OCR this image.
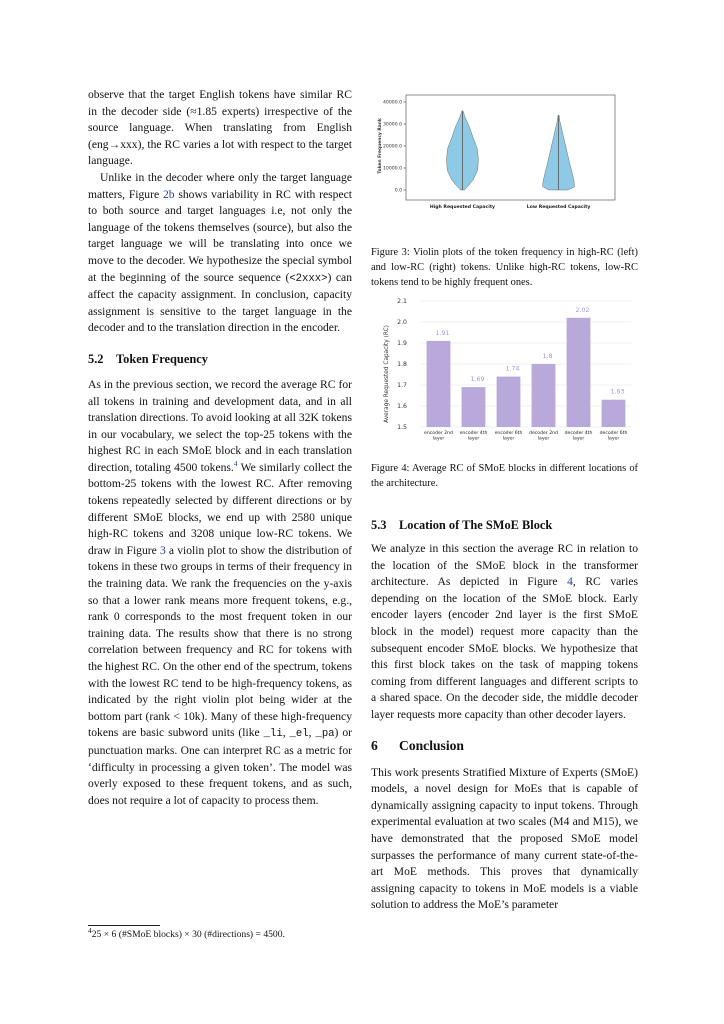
observe that the target English tokens have similar RC in the decoder side (≈1.85 experts) irrespective of the source language. When translating from English (eng→xxx), the RC varies a lot with respect to the target language.

Unlike in the decoder where only the target language matters, Figure 2b shows variability in RC with respect to both source and target languages i.e, not only the language of the tokens themselves (source), but also the target language we will be translating into once we move to the decoder. We hypothesize the special symbol at the beginning of the source sequence (<2xxx>) can affect the capacity assignment. In conclusion, capacity assignment is sensitive to the target language in the decoder and to the translation direction in the encoder.

5.2 Token Frequency

As in the previous section, we record the average RC for all tokens in training and development data, and in all translation directions. To avoid looking at all 32K tokens in our vocabulary, we select the top-25 tokens with the highest RC in each SMoE block and in each translation direction, totaling 4500 tokens.$^4$ We similarly collect the bottom-25 tokens with the lowest RC. After removing tokens repeatedly selected by different directions or by different SMoE blocks, we end up with 2580 unique high-RC tokens and 3208 unique low-RC tokens. We draw in Figure 3 a violin plot to show the distribution of tokens in these two groups in terms of their frequency in the training data. We rank the frequencies on the y-axis so that a lower rank means more frequent tokens, e.g., rank 0 corresponds to the most frequent token in our training data. The results show that there is no strong correlation between frequency and RC for tokens with the highest RC. On the other end of the spectrum, tokens with the lowest RC tend to be high-frequency tokens, as indicated by the right violin plot being wider at the bottom part (rank < 10k). Many of these high-frequency tokens are basic subword units (like _li, _el, _pa) or punctuation marks. One can interpret RC as a metric for ‘difficulty in processing a given token’. The model was overly exposed to these frequent tokens, and as such, does not require a lot of capacity to process them.

$^4$25 × 6 (#SMoE blocks) × 30 (#directions) = 4500.
0.0
10000.0
20000.0
30000.0
40000.0
Token Frequency Rank
High Requested Capacity	Low Requested Capacity
Figure 3: Violin plots of the token frequency in high-RC (left) and low-RC (right) tokens. Unlike high-RC tokens, low-RC tokens tend to be highly frequent ones.
1.5
1.6
1.7
1.8
1.9
2.0
2.1
Average Requested Capacity (RC)	1.91
encoder 2nd
layer
1.69
encoder 4th
layer
1.74
encoder 6th
layer
1.8
decoder 2nd
layer
2.02
decoder 4th
layer
1.63
decoder 6th
layer
Figure 4: Average RC of SMoE blocks in different locations of the architecture.
5.3 Location of The SMoE Block

We analyze in this section the average RC in relation to the location of the SMoE block in the transformer architecture. As depicted in Figure 4, RC varies depending on the location of the SMoE block. Early encoder layers (encoder 2nd layer is the first SMoE block in the model) request more capacity than the subsequent encoder SMoE blocks. We hypothesize that this first block takes on the task of mapping tokens coming from different languages and different scripts to a shared space. On the decoder side, the middle decoder layer requests more capacity than other decoder layers.

6 Conclusion

This work presents Stratified Mixture of Experts (SMoE) models, a novel design for MoEs that is capable of dynamically assigning capacity to input tokens. Through experimental evaluation at two scales (M4 and M15), we have demonstrated that the proposed SMoE model surpasses the performance of many current state-of-the-art MoE methods. This proves that dynamically assigning capacity to tokens in MoE models is a viable solution to address the MoE’s parameter
